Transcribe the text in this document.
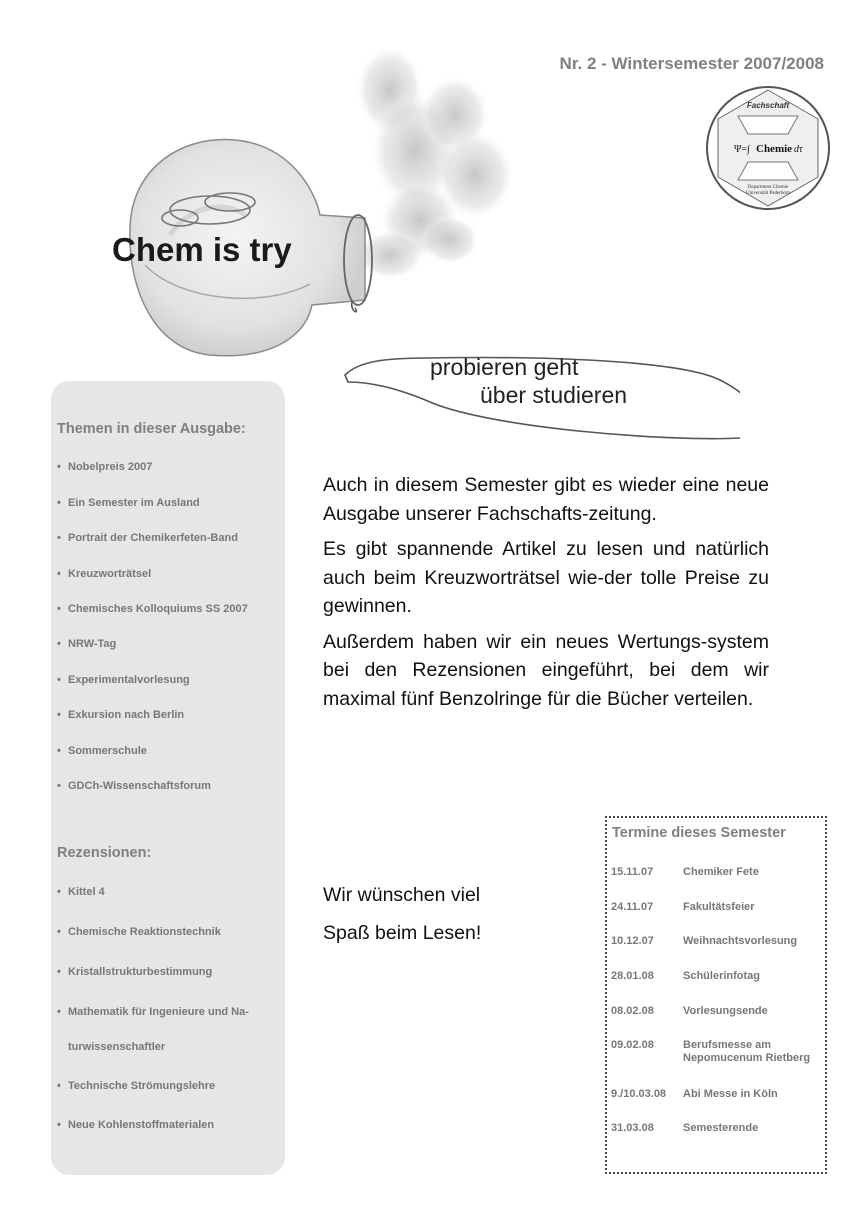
Nr. 2 - Wintersemester 2007/2008
Chem is try
probieren geht
über studieren
Fachschaft
Ψ=∫ Chemie dτ
Department Chemie
Universität Paderborn
Themen in dieser Ausgabe:
• Nobelpreis 2007
• Ein Semester im Ausland
• Portrait der Chemikerfeten-Band
• Kreuzworträtsel
• Chemisches Kolloquiums SS 2007
• NRW-Tag
• Experimentalvorlesung
• Exkursion nach Berlin
• Sommerschule
• GDCh-Wissenschaftsforum
Rezensionen:
• Kittel 4
• Chemische Reaktionstechnik
• Kristallstrukturbestimmung
• Mathematik für Ingenieure und Na-
turwissenschaftler
• Technische Strömungslehre
• Neue Kohlenstoffmaterialen

Auch in diesem Semester gibt es wieder eine neue Ausgabe unserer Fachschafts-zeitung.

Es gibt spannende Artikel zu lesen und natürlich auch beim Kreuzworträtsel wie-der tolle Preise zu gewinnen.

Außerdem haben wir ein neues Wertungs-system bei den Rezensionen eingeführt, bei dem wir maximal fünf Benzolringe für die Bücher verteilen.

Wir wünschen viel
Spaß beim Lesen!
Termine dieses Semester
15.11.07	Chemiker Fete
24.11.07	Fakultätsfeier
10.12.07	Weihnachtsvorlesung
28.01.08	Schülerinfotag
08.02.08	Vorlesungsende
09.02.08	Berufsmesse am Nepomucenum Rietberg
9./10.03.08	Abi Messe in Köln
31.03.08	Semesterende
